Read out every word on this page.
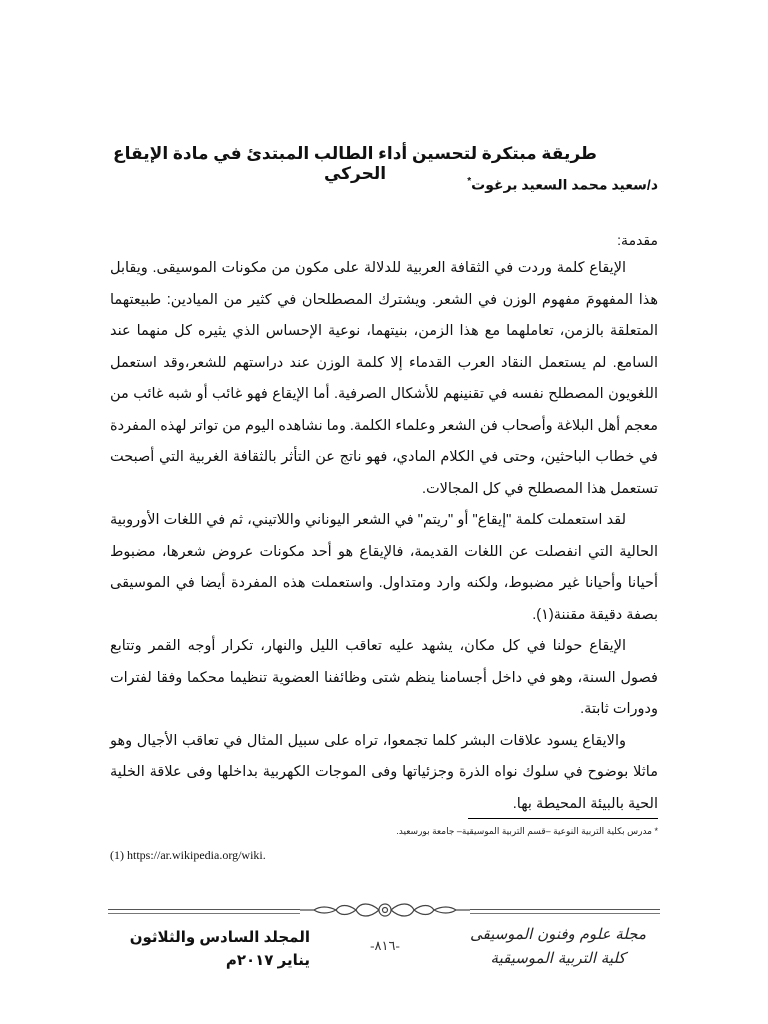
طريقة مبتكرة لتحسين أداء الطالب المبتدئ في مادة الإيقاع الحركي
د/سعيد محمد السعيد برغوت*
مقدمة:

الإيقاع كلمة وردت في الثقافة العربية للدلالة على مكون من مكونات الموسيقى. ويقابل هذا المفهومَ مفهوم الوزن في الشعر. ويشترك المصطلحان في كثير من الميادين: طبيعتهما المتعلقة بالزمن، تعاملهما مع هذا الزمن، بنيتهما، نوعية الإحساس الذي يثيره كل منهما عند السامع. لم يستعمل النقاد العرب القدماء إلا كلمة الوزن عند دراستهم للشعر،وقد استعمل اللغويون المصطلح نفسه في تقنينهم للأشكال الصرفية. أما الإيقاع فهو غائب أو شبه غائب من معجم أهل البلاغة وأصحاب فن الشعر وعلماء الكلمة. وما نشاهده اليوم من تواتر لهذه المفردة في خطاب الباحثين، وحتى في الكلام المادي، فهو ناتج عن التأثر بالثقافة الغربية التي أصبحت تستعمل هذا المصطلح في كل المجالات.

لقد استعملت كلمة "إيقاع" أو "ريتم" في الشعر اليوناني واللاتيني، ثم في اللغات الأوروبية الحالية التي انفصلت عن اللغات القديمة، فالإيقاع هو أحد مكونات عروض شعرها، مضبوط أحيانا وأحيانا غير مضبوط، ولكنه وارد ومتداول. واستعملت هذه المفردة أيضا في الموسيقى بصفة دقيقة مقننة(١).

الإيقاع حولنا في كل مكان، يشهد عليه تعاقب الليل والنهار، تكرار أوجه القمر وتتابع فصول السنة، وهو في داخل أجسامنا ينظم شتى وظائفنا العضوية تنظيما محكما وفقا لفترات ودورات ثابتة.

والايقاع يسود علاقات البشر كلما تجمعوا، تراه على سبيل المثال في تعاقب الأجيال وهو ماثلا بوضوح في سلوك نواه الذرة وجزئياتها وفى الموجات الكهربية بداخلها وفى علاقة الخلية الحية بالبيئة المحيطة بها.

* مدرس بكلية التربية النوعية –قسم التربية الموسيقية– جامعة بورسعيد.
(1) https://ar.wikipedia.org/wiki.
المجلد السادس والثلاثون
يناير ٢٠١٧م
-٨١٦-
مجلة علوم وفنون الموسيقى
كلية التربية الموسيقية
